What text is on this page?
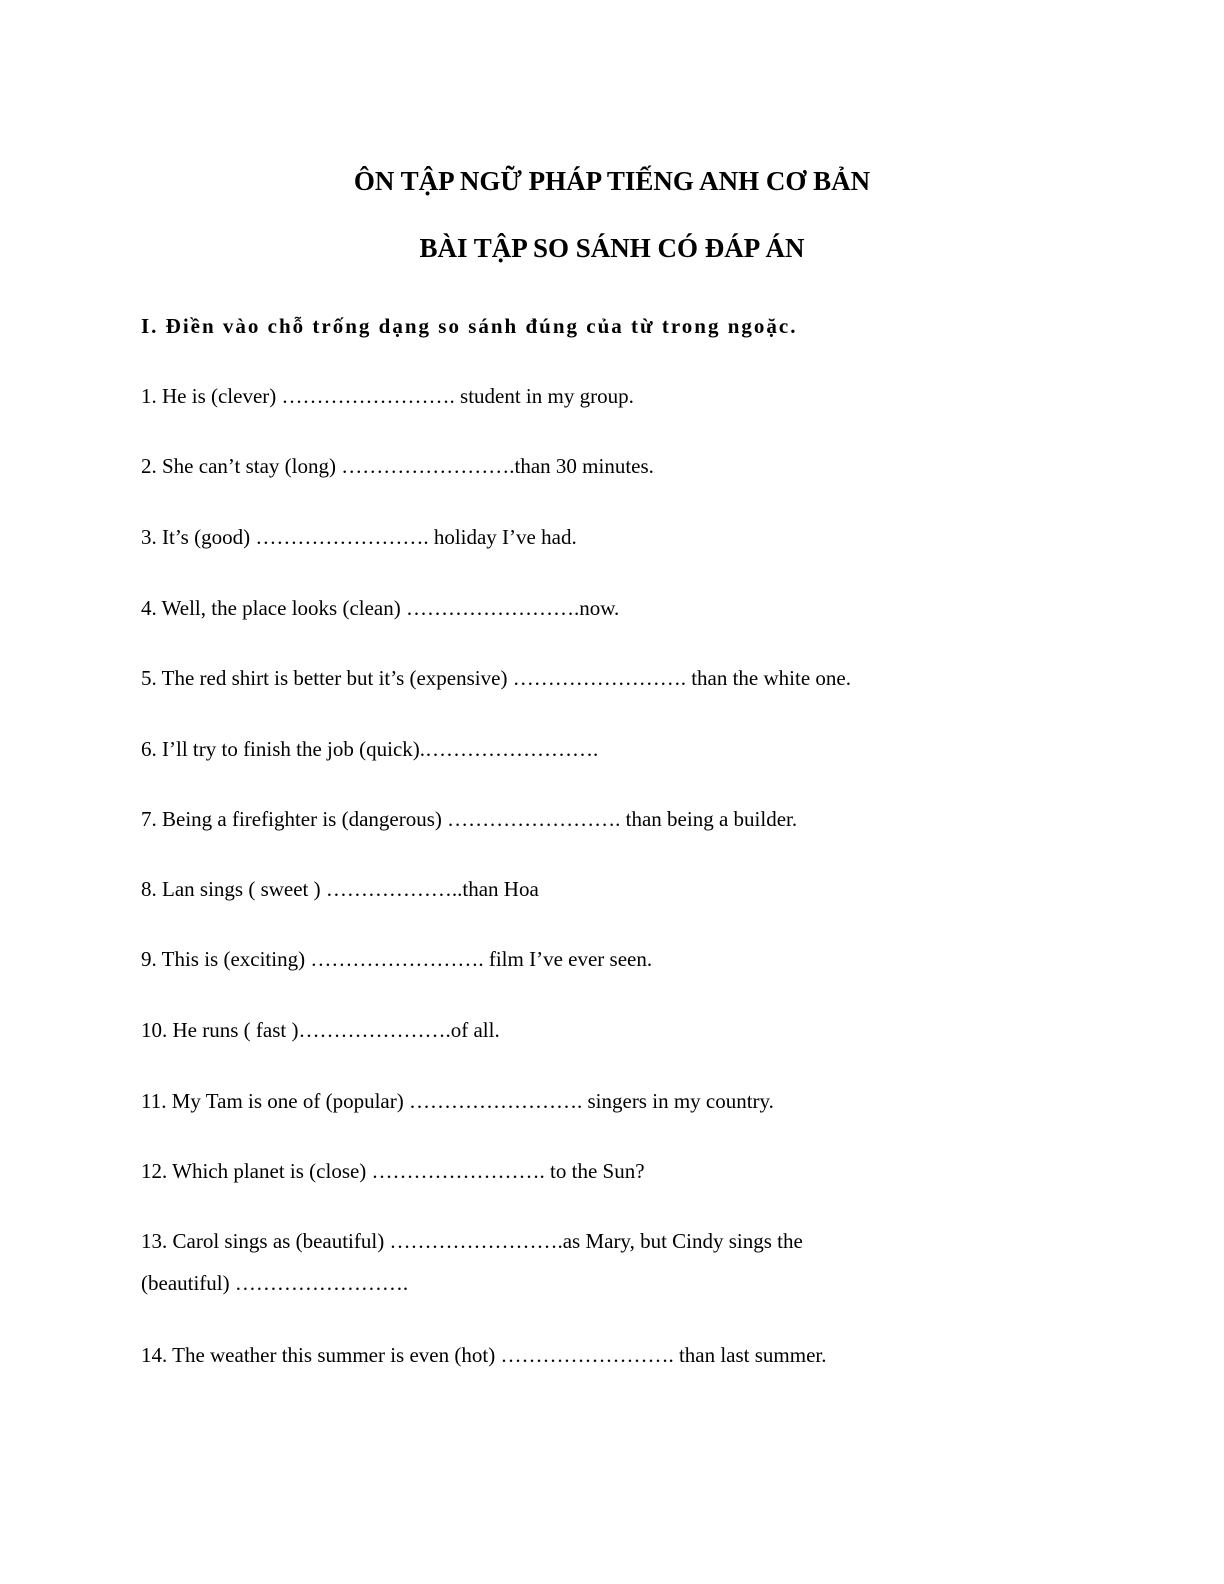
ÔN TẬP NGỮ PHÁP TIẾNG ANH CƠ BẢN
BÀI TẬP SO SÁNH CÓ ĐÁP ÁN

I. Điền vào chỗ trống dạng so sánh đúng của từ trong ngoặc.

1. He is (clever) ……………………. student in my group.

2. She can’t stay (long) …………………….than 30 minutes.

3. It’s (good) ……………………. holiday I’ve had.

4. Well, the place looks (clean) …………………….now.

5. The red shirt is better but it’s (expensive) ……………………. than the white one.

6. I’ll try to finish the job (quick).…………………….

7. Being a firefighter is (dangerous) ……………………. than being a builder.

8. Lan sings ( sweet ) ………………..than Hoa

9. This is (exciting) ……………………. film I’ve ever seen.

10. He runs ( fast )………………….of all.

11. My Tam is one of (popular) ……………………. singers in my country.

12. Which planet is (close) ……………………. to the Sun?

13. Carol sings as (beautiful) …………………….as Mary, but Cindy sings the
(beautiful) …………………….

14. The weather this summer is even (hot) ……………………. than last summer.
